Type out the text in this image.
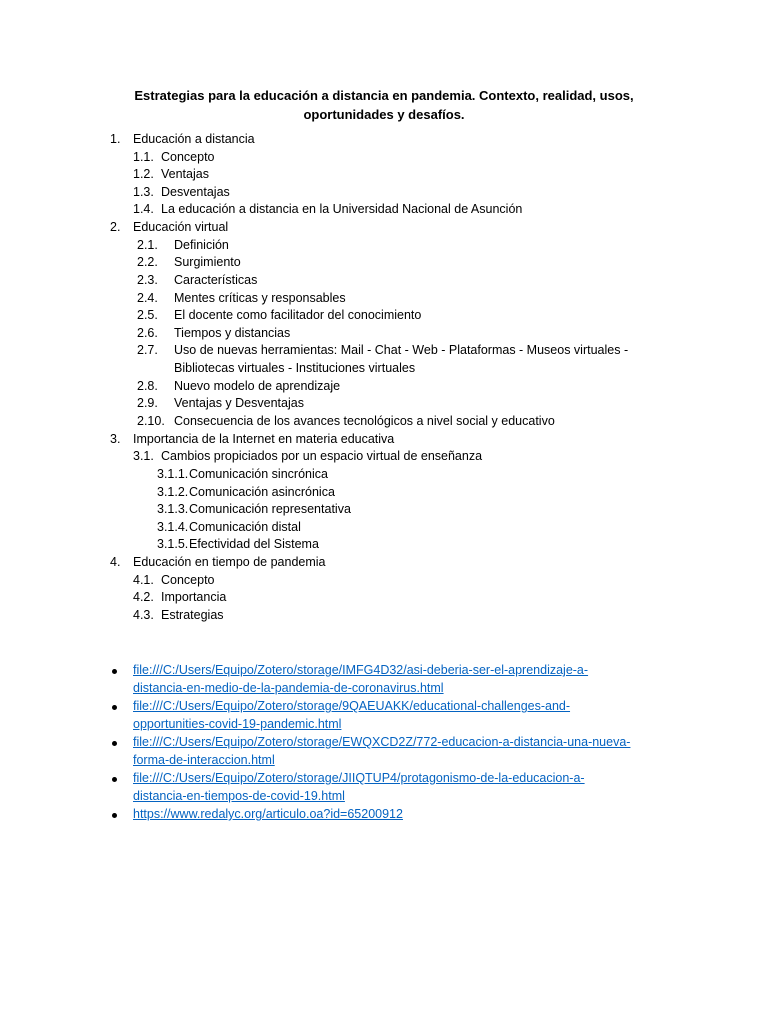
Estrategias para la educación a distancia en pandemia. Contexto, realidad, usos,
oportunidades y desafíos.
1. Educación a distancia
1.1. Concepto
1.2. Ventajas
1.3. Desventajas
1.4. La educación a distancia en la Universidad Nacional de Asunción
2. Educación virtual
2.1. Definición
2.2. Surgimiento
2.3. Características
2.4. Mentes críticas y responsables
2.5. El docente como facilitador del conocimiento
2.6. Tiempos y distancias
2.7. Uso de nuevas herramientas: Mail - Chat - Web - Plataformas - Museos virtuales -
Bibliotecas virtuales - Instituciones virtuales
2.8. Nuevo modelo de aprendizaje
2.9. Ventajas y Desventajas
2.10. Consecuencia de los avances tecnológicos a nivel social y educativo
3. Importancia de la Internet en materia educativa
3.1. Cambios propiciados por un espacio virtual de enseñanza
3.1.1. Comunicación sincrónica
3.1.2. Comunicación asincrónica
3.1.3. Comunicación representativa
3.1.4. Comunicación distal
3.1.5. Efectividad del Sistema
4. Educación en tiempo de pandemia
4.1. Concepto
4.2. Importancia
4.3. Estrategias
file:///C:/Users/Equipo/Zotero/storage/IMFG4D32/asi-deberia-ser-el-aprendizaje-a-
distancia-en-medio-de-la-pandemia-de-coronavirus.html
file:///C:/Users/Equipo/Zotero/storage/9QAEUAKK/educational-challenges-and-
opportunities-covid-19-pandemic.html
file:///C:/Users/Equipo/Zotero/storage/EWQXCD2Z/772-educacion-a-distancia-una-nueva-
forma-de-interaccion.html
file:///C:/Users/Equipo/Zotero/storage/JIIQTUP4/protagonismo-de-la-educacion-a-
distancia-en-tiempos-de-covid-19.html
https://www.redalyc.org/articulo.oa?id=65200912
